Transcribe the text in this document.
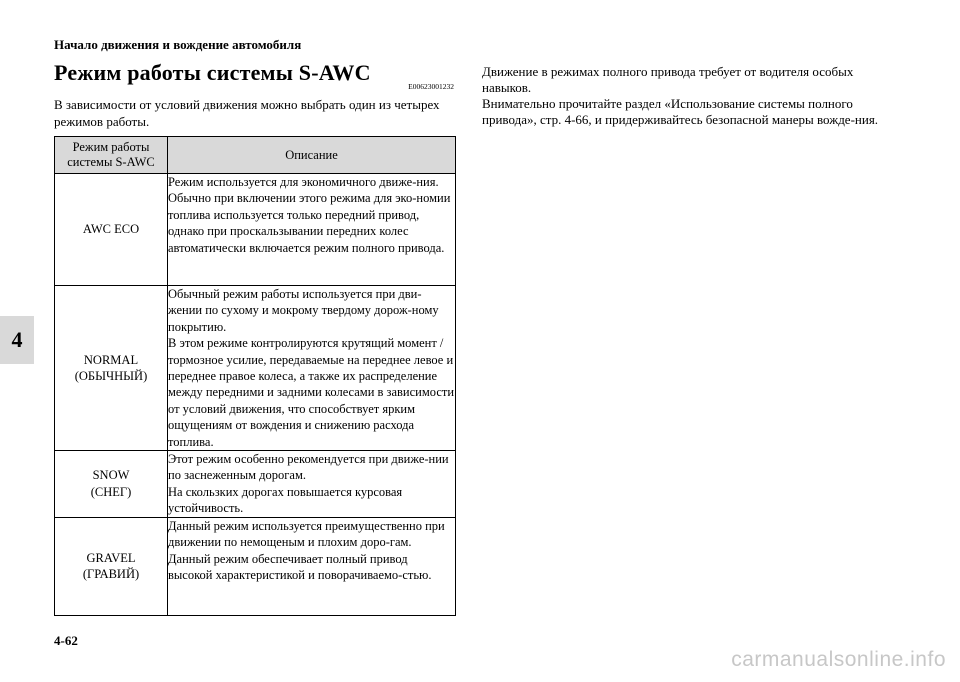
Начало движения и вождение автомобиля
4
Режим работы системы S-AWC
E00623001232
В зависимости от условий движения можно выбрать один из четырех режимов работы.
Режим работы системы S-AWC	Описание
AWC ECO	Режим используется для экономичного движе-ния.
Обычно при включении этого режима для эко-номии топлива используется только передний привод, однако при проскальзывании передних колес автоматически включается режим полного привода.

NORMAL
(ОБЫЧНЫЙ)	Обычный режим работы используется при дви-жении по сухому и мокрому твердому дорож-ному покрытию.
В этом режиме контролируются крутящий момент / тормозное усилие, передаваемые на переднее левое и переднее правое колеса, а также их распределение между передними и задними колесами в зависимости от условий движения, что способствует ярким ощущениям от вождения и снижению расхода топлива.

SNOW
(СНЕГ)	Этот режим особенно рекомендуется при движе-нии по заснеженным дорогам.
На скользких дорогах повышается курсовая устойчивость.

GRAVEL
(ГРАВИЙ)	Данный режим используется преимущественно при движении по немощеным и плохим доро-гам.
Данный режим обеспечивает полный привод высокой характеристикой и поворачиваемо-стью.

Движение в режимах полного привода требует от водителя особых навыков.

Внимательно прочитайте раздел «Использование системы полного привода», стр. 4-66, и придерживайтесь безопасной манеры вожде-ния.

4-62
carmanualsonline.info
